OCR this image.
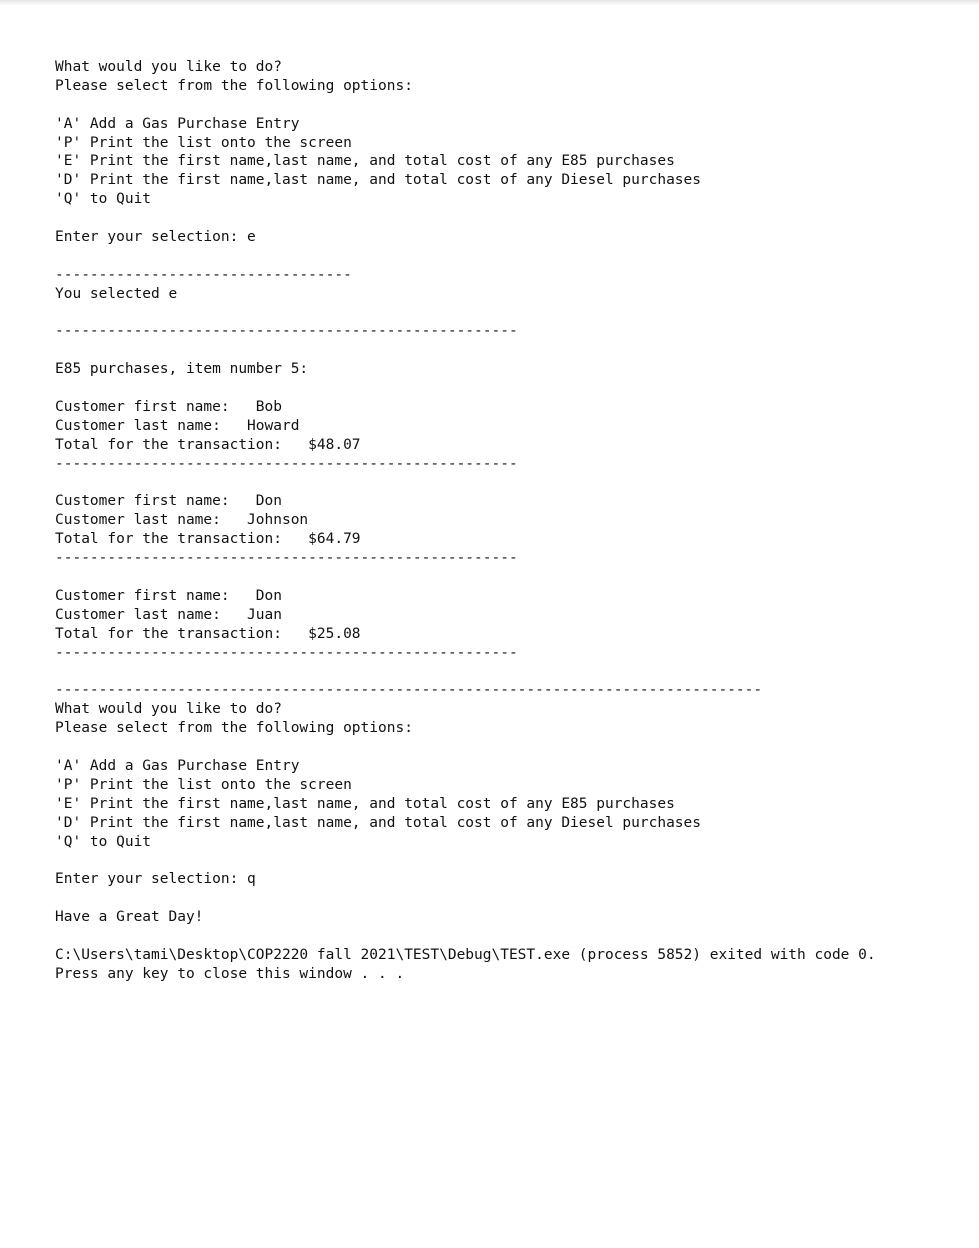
What would you like to do?
Please select from the following options:
'A' Add a Gas Purchase Entry
'P' Print the list onto the screen
'E' Print the first name,last name, and total cost of any E85 purchases
'D' Print the first name,last name, and total cost of any Diesel purchases
'Q' to Quit
Enter your selection: e
----------------------------------
You selected e
-----------------------------------------------------
E85 purchases, item number 5:
Customer first name:   Bob
Customer last name:   Howard
Total for the transaction:   $48.07
-----------------------------------------------------
Customer first name:   Don
Customer last name:   Johnson
Total for the transaction:   $64.79
-----------------------------------------------------
Customer first name:   Don
Customer last name:   Juan
Total for the transaction:   $25.08
-----------------------------------------------------
---------------------------------------------------------------------------------
What would you like to do?
Please select from the following options:
'A' Add a Gas Purchase Entry
'P' Print the list onto the screen
'E' Print the first name,last name, and total cost of any E85 purchases
'D' Print the first name,last name, and total cost of any Diesel purchases
'Q' to Quit
Enter your selection: q
Have a Great Day!
C:\Users\tami\Desktop\COP2220 fall 2021\TEST\Debug\TEST.exe (process 5852) exited with code 0.
Press any key to close this window . . .
